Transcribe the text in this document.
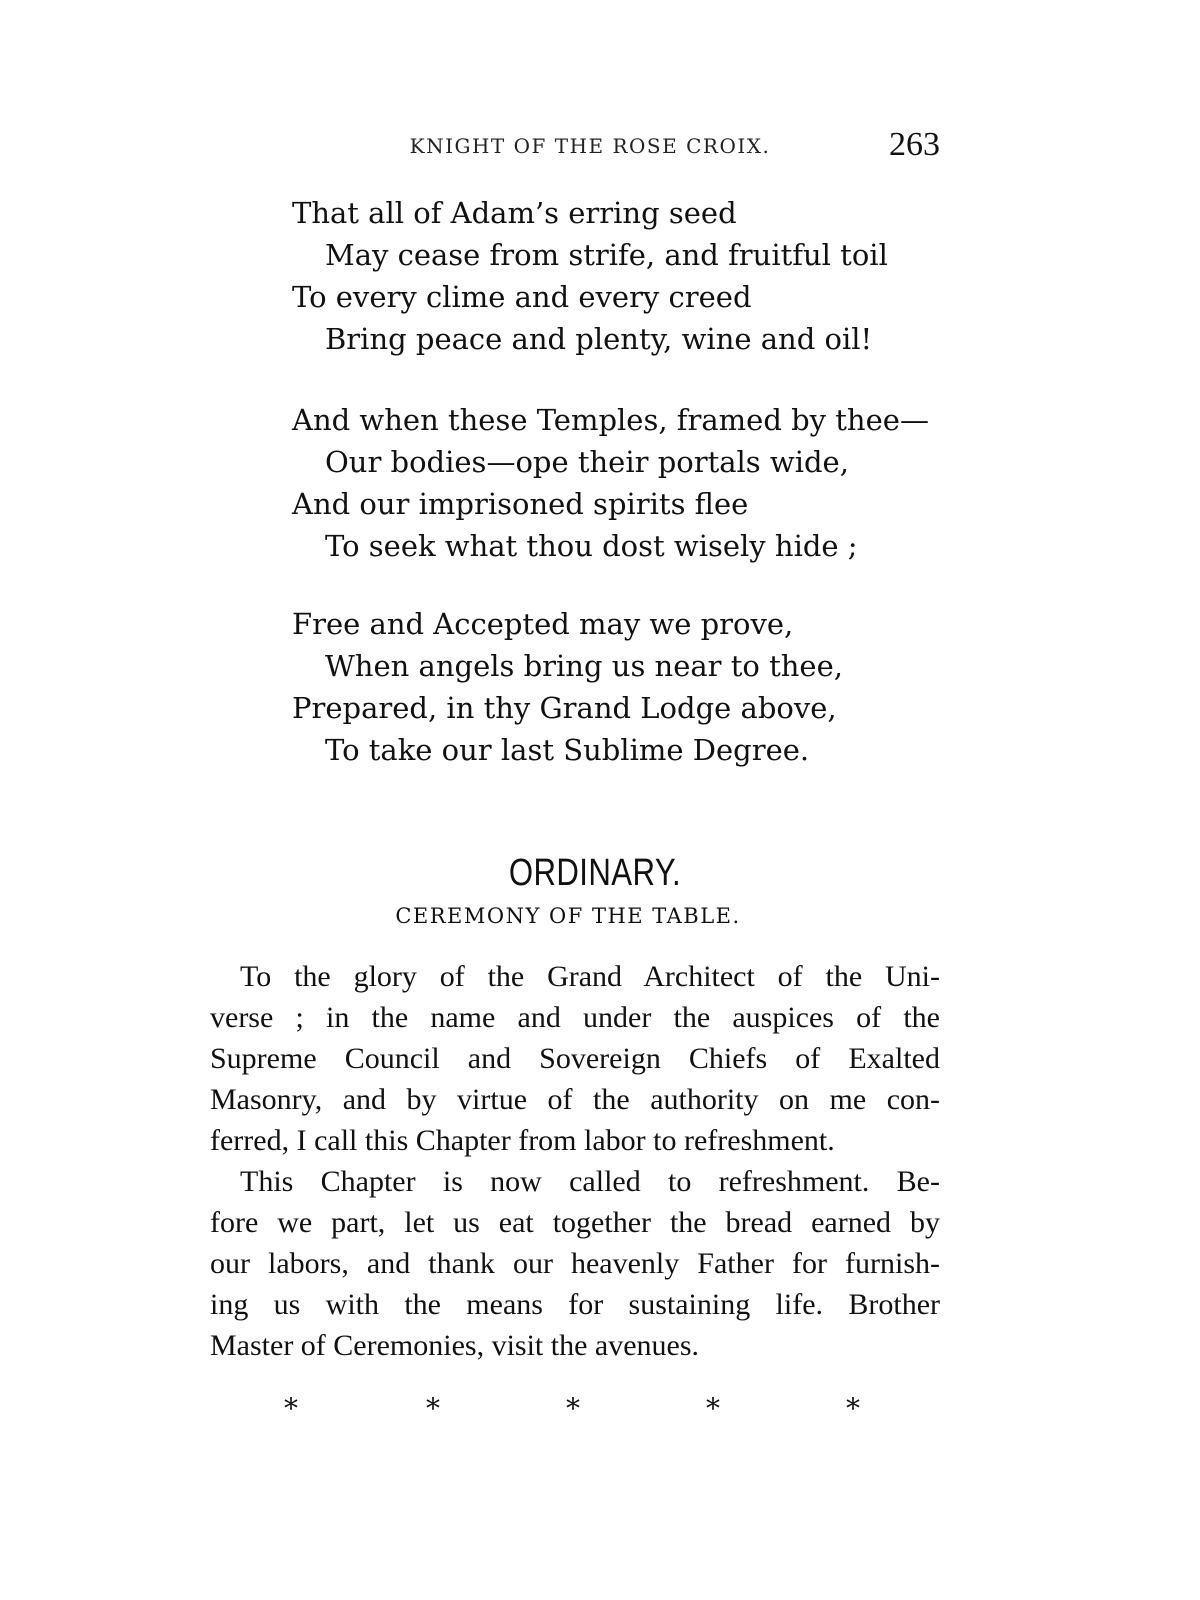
KNIGHT OF THE ROSE CROIX.	263
That all of Adam’s erring seed
May cease from strife, and fruitful toil
To every clime and every creed
Bring peace and plenty, wine and oil!
And when these Temples, framed by thee—
Our bodies—ope their portals wide,
And our imprisoned spirits flee
To seek what thou dost wisely hide ;
Free and Accepted may we prove,
When angels bring us near to thee,
Prepared, in thy Grand Lodge above,
To take our last Sublime Degree.
ORDINARY.
CEREMONY OF THE TABLE.
To the glory of the Grand Architect of the Uni-
verse ; in the name and under the auspices of the
Supreme Council and Sovereign Chiefs of Exalted
Masonry, and by virtue of the authority on me con-
ferred, I call this Chapter from labor to refreshment.
This Chapter is now called to refreshment. Be-
fore we part, let us eat together the bread earned by
our labors, and thank our heavenly Father for furnish-
ing us with the means for sustaining life. Brother
Master of Ceremonies, visit the avenues.
*	*	*	*	*
